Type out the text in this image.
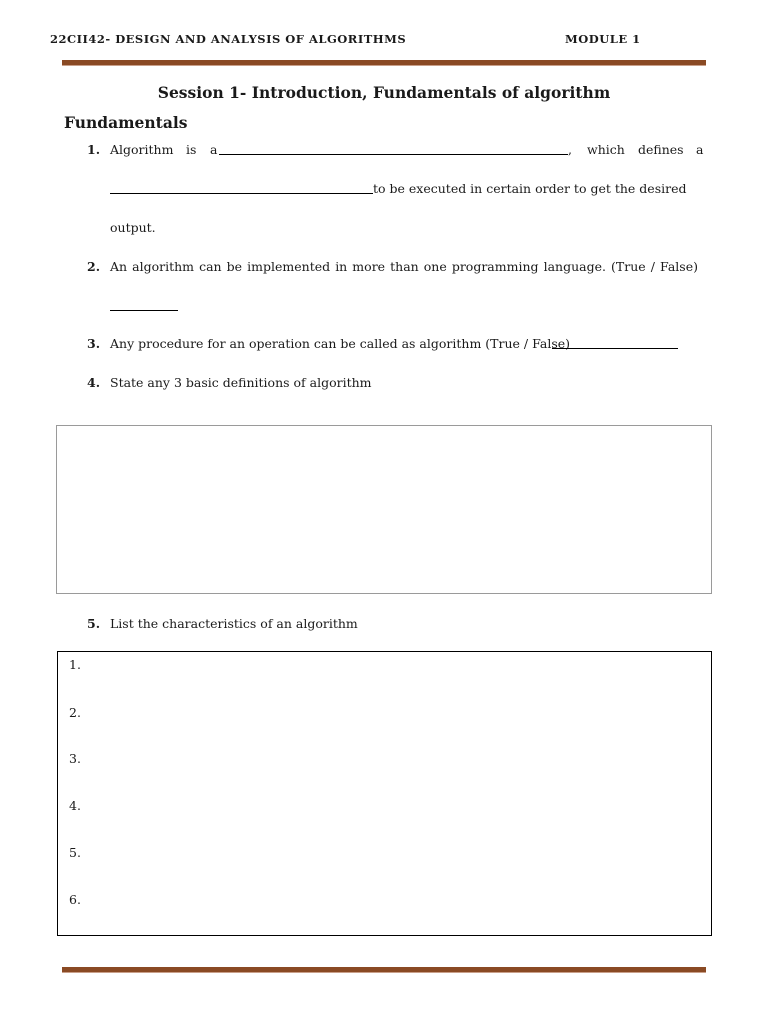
22CII42- DESIGN AND ANALYSIS OF ALGORITHMS	MODULE 1
Session 1- Introduction, Fundamentals of algorithm
Fundamentals
1. Algorithm is a	, which defines a
to be executed in certain order to get the desired
output.
2. An algorithm can be implemented in more than one programming language. (True / False)
3. Any procedure for an operation can be called as algorithm (True / False)
4. State any 3 basic definitions of algorithm
5. List the characteristics of an algorithm
1.
2.
3.
4.
5.
6.
